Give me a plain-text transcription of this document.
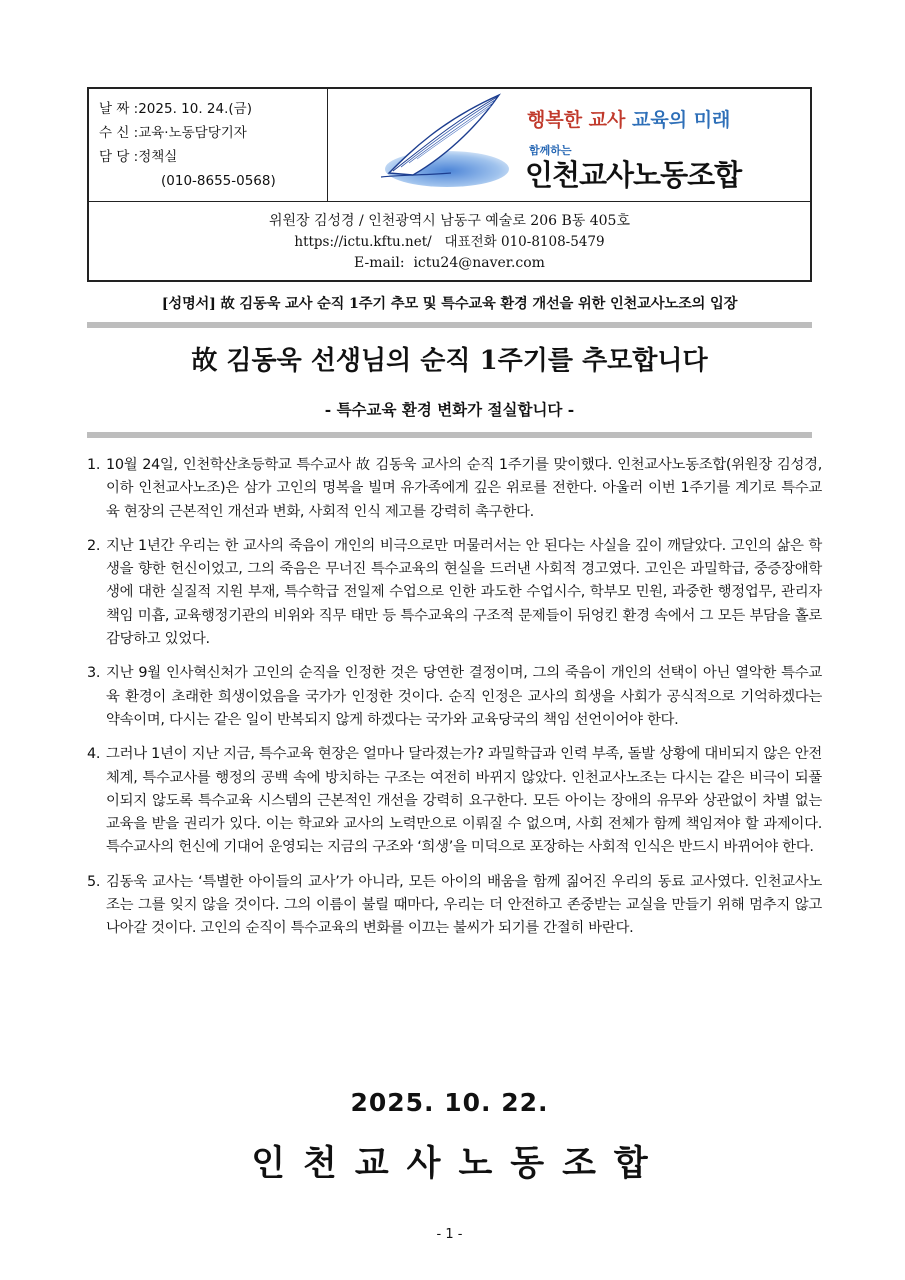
날 짜 :2025. 10. 24.(금)
수 신 :교육·노동담당기자
담 당 :정책실
(010-8655-0568)
행복한 교사 교육의 미래
함께하는
인천교사노동조합
위원장 김성경 / 인천광역시 남동구 예술로 206 B동 405호
https://ictu.kftu.net/   대표전화 010-8108-5479
E-mail:  ictu24@naver.com
[성명서] 故 김동욱 교사 순직 1주기 추모 및 특수교육 환경 개선을 위한 인천교사노조의 입장
故 김동욱 선생님의 순직 1주기를 추모합니다
- 특수교육 환경 변화가 절실합니다 -
1. 10월 24일, 인천학산초등학교 특수교사 故 김동욱 교사의 순직 1주기를 맞이했다. 인천교사노동조합(위원장 김성경, 이하 인천교사노조)은 삼가 고인의 명복을 빌며 유가족에게 깊은 위로를 전한다. 아울러 이번 1주기를 계기로 특수교육 현장의 근본적인 개선과 변화, 사회적 인식 제고를 강력히 촉구한다.
2. 지난 1년간 우리는 한 교사의 죽음이 개인의 비극으로만 머물러서는 안 된다는 사실을 깊이 깨달았다. 고인의 삶은 학생을 향한 헌신이었고, 그의 죽음은 무너진 특수교육의 현실을 드러낸 사회적 경고였다. 고인은 과밀학급, 중증장애학생에 대한 실질적 지원 부재, 특수학급 전일제 수업으로 인한 과도한 수업시수, 학부모 민원, 과중한 행정업무, 관리자 책임 미흡, 교육행정기관의 비위와 직무 태만 등 특수교육의 구조적 문제들이 뒤엉킨 환경 속에서 그 모든 부담을 홀로 감당하고 있었다.
3. 지난 9월 인사혁신처가 고인의 순직을 인정한 것은 당연한 결정이며, 그의 죽음이 개인의 선택이 아닌 열악한 특수교육 환경이 초래한 희생이었음을 국가가 인정한 것이다. 순직 인정은 교사의 희생을 사회가 공식적으로 기억하겠다는 약속이며, 다시는 같은 일이 반복되지 않게 하겠다는 국가와 교육당국의 책임 선언이어야 한다.
4. 그러나 1년이 지난 지금, 특수교육 현장은 얼마나 달라졌는가? 과밀학급과 인력 부족, 돌발 상황에 대비되지 않은 안전 체계, 특수교사를 행정의 공백 속에 방치하는 구조는 여전히 바뀌지 않았다. 인천교사노조는 다시는 같은 비극이 되풀이되지 않도록 특수교육 시스템의 근본적인 개선을 강력히 요구한다. 모든 아이는 장애의 유무와 상관없이 차별 없는 교육을 받을 권리가 있다. 이는 학교와 교사의 노력만으로 이뤄질 수 없으며, 사회 전체가 함께 책임져야 할 과제이다. 특수교사의 헌신에 기대어 운영되는 지금의 구조와 ‘희생’을 미덕으로 포장하는 사회적 인식은 반드시 바뀌어야 한다.
5. 김동욱 교사는 ‘특별한 아이들의 교사’가 아니라, 모든 아이의 배움을 함께 짊어진 우리의 동료 교사였다. 인천교사노조는 그를 잊지 않을 것이다. 그의 이름이 불릴 때마다, 우리는 더 안전하고 존중받는 교실을 만들기 위해 멈추지 않고 나아갈 것이다. 고인의 순직이 특수교육의 변화를 이끄는 불씨가 되기를 간절히 바란다.
2025. 10. 22.
인천교사노동조합
- 1 -
